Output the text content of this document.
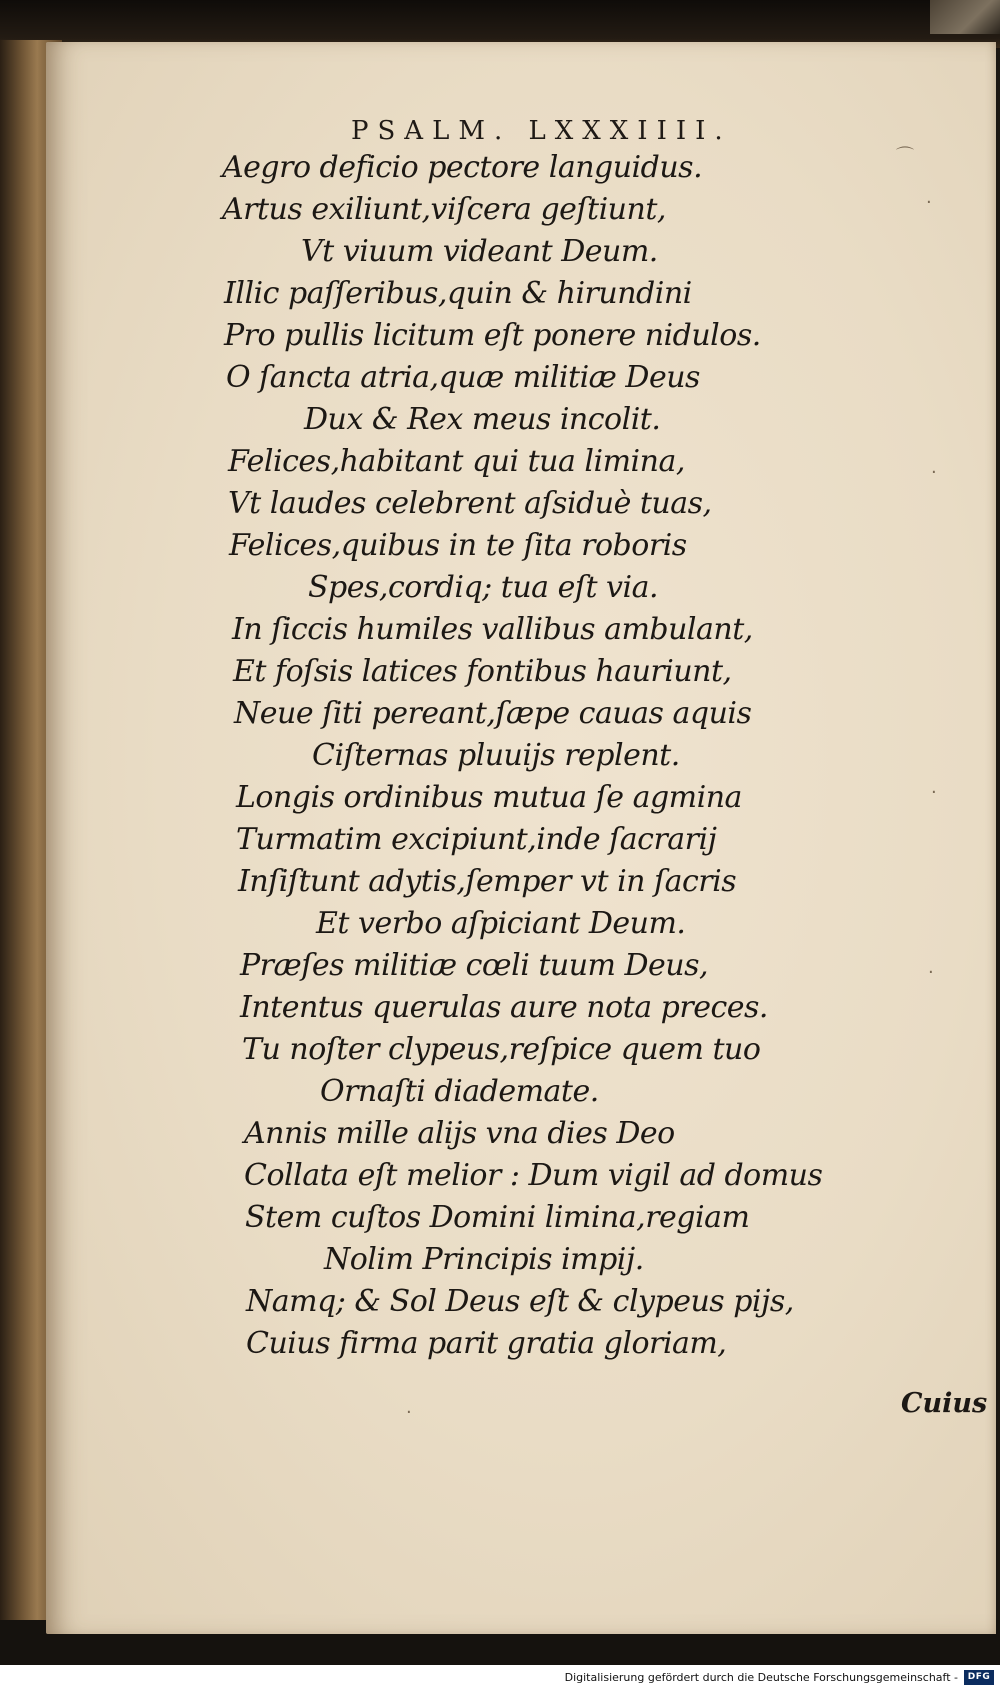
PSALM. LXXXIIII.
Aegro deficio pectore languidus.
Artus exiliunt,viſcera geſtiunt,
Vt viuum videant Deum.
Illic paſſeribus,quin & hirundini
Pro pullis licitum eſt ponere nidulos.
O ſancta atria,quæ militiæ Deus
Dux & Rex meus incolit.
Felices,habitant qui tua limina,
Vt laudes celebrent aſsiduè tuas,
Felices,quibus in te ſita roboris
Spes,cordiq; tua eſt via.
In ſiccis humiles vallibus ambulant,
Et foſsis latices fontibus hauriunt,
Neue ſiti pereant,ſæpe cauas aquis
Ciſternas pluuijs replent.
Longis ordinibus mutua ſe agmina
Turmatim excipiunt,inde ſacrarij
Inſiſtunt adytis,ſemper vt in ſacris
Et verbo aſpiciant Deum.
Præſes militiæ cœli tuum Deus,
Intentus querulas aure nota preces.
Tu noſter clypeus,reſpice quem tuo
Ornaſti diademate.
Annis mille alijs vna dies Deo
Collata eſt melior : Dum vigil ad domus
Stem cuſtos Domini limina,regiam
Nolim Principis impij.
Namq; & Sol Deus eſt & clypeus pijs,
Cuius firma parit gratia gloriam,
Cuius
⌒
·
·
·
·
·
Digitalisierung gefördert durch die Deutsche Forschungsgemeinschaft -	DFG
